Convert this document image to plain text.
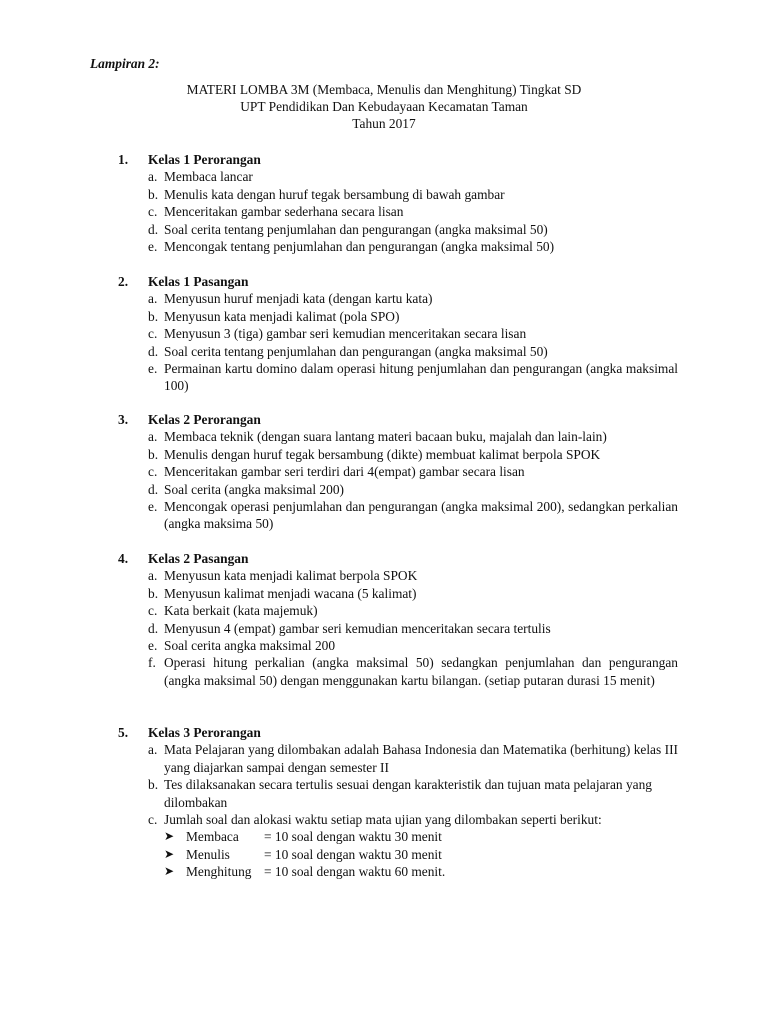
Lampiran 2:
MATERI LOMBA 3M (Membaca, Menulis dan Menghitung) Tingkat SD
UPT Pendidikan Dan Kebudayaan Kecamatan Taman
Tahun 2017
1. Kelas 1 Perorangan
a. Membaca lancar
b. Menulis kata dengan huruf tegak bersambung di bawah gambar
c. Menceritakan gambar sederhana secara lisan
d. Soal cerita tentang penjumlahan dan pengurangan (angka maksimal 50)
e. Mencongak tentang penjumlahan dan pengurangan (angka maksimal 50)
2. Kelas 1 Pasangan
a. Menyusun huruf menjadi kata (dengan kartu kata)
b. Menyusun kata menjadi kalimat (pola SPO)
c. Menyusun 3 (tiga) gambar seri kemudian menceritakan secara lisan
d. Soal cerita tentang penjumlahan dan pengurangan (angka maksimal 50)
e. Permainan kartu domino dalam operasi hitung penjumlahan dan pengurangan (angka maksimal 100)
3. Kelas 2 Perorangan
a. Membaca teknik (dengan suara lantang materi bacaan buku, majalah dan lain-lain)
b. Menulis dengan huruf tegak bersambung (dikte) membuat kalimat berpola SPOK
c. Menceritakan gambar seri terdiri dari 4(empat) gambar secara lisan
d. Soal cerita (angka maksimal 200)
e. Mencongak operasi penjumlahan dan pengurangan (angka maksimal 200), sedangkan perkalian (angka maksima 50)
4. Kelas 2 Pasangan
a. Menyusun kata menjadi kalimat berpola SPOK
b. Menyusun kalimat menjadi wacana (5 kalimat)
c. Kata berkait (kata majemuk)
d. Menyusun 4 (empat) gambar seri kemudian menceritakan secara tertulis
e. Soal cerita angka maksimal 200
f. Operasi hitung perkalian (angka maksimal 50) sedangkan penjumlahan dan pengurangan (angka maksimal 50) dengan menggunakan kartu bilangan. (setiap putaran durasi 15 menit)
5. Kelas 3 Perorangan
a. Mata Pelajaran yang dilombakan adalah Bahasa Indonesia dan Matematika (berhitung) kelas III yang diajarkan sampai dengan semester II
b. Tes dilaksanakan secara tertulis sesuai dengan karakteristik dan tujuan mata pelajaran yang dilombakan
c. Jumlah soal dan alokasi waktu setiap mata ujian yang dilombakan seperti berikut:
➤ Membaca = 10 soal dengan waktu 30 menit
➤ Menulis	= 10 soal dengan waktu 30 menit
➤ Menghitung = 10 soal dengan waktu 60 menit.
